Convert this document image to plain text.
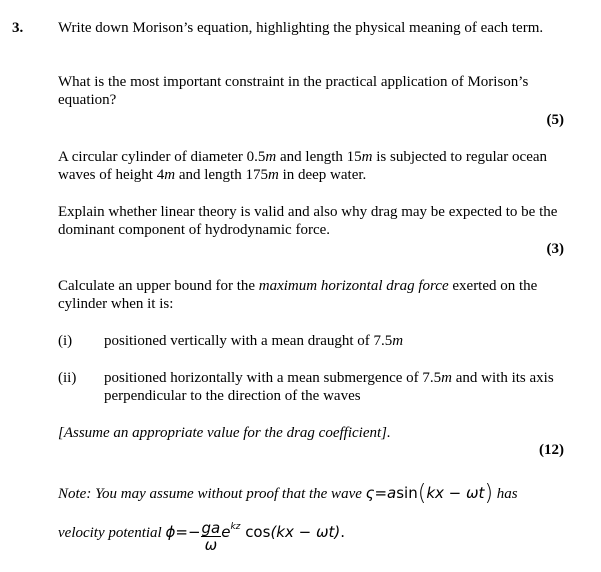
3. Write down Morison’s equation, highlighting the physical meaning of each term.
What is the most important constraint in the practical application of Morison’s equation?
(5)
A circular cylinder of diameter 0.5m and length 15m is subjected to regular ocean waves of height 4m and length 175m in deep water.
Explain whether linear theory is valid and also why drag may be expected to be the dominant component of hydrodynamic force.
(3)
Calculate an upper bound for the maximum horizontal drag force exerted on the cylinder when it is:
(i) positioned vertically with a mean draught of 7.5m
(ii) positioned horizontally with a mean submergence of 7.5m and with its axis perpendicular to the direction of the waves
[Assume an appropriate value for the drag coefficient].
(12)
Note: You may assume without proof that the wave ς=asin(kx − ωt) has
velocity potential $\phi=- \frac{ga}{\omega} e^{kz}$ cos(kx − ωt).
